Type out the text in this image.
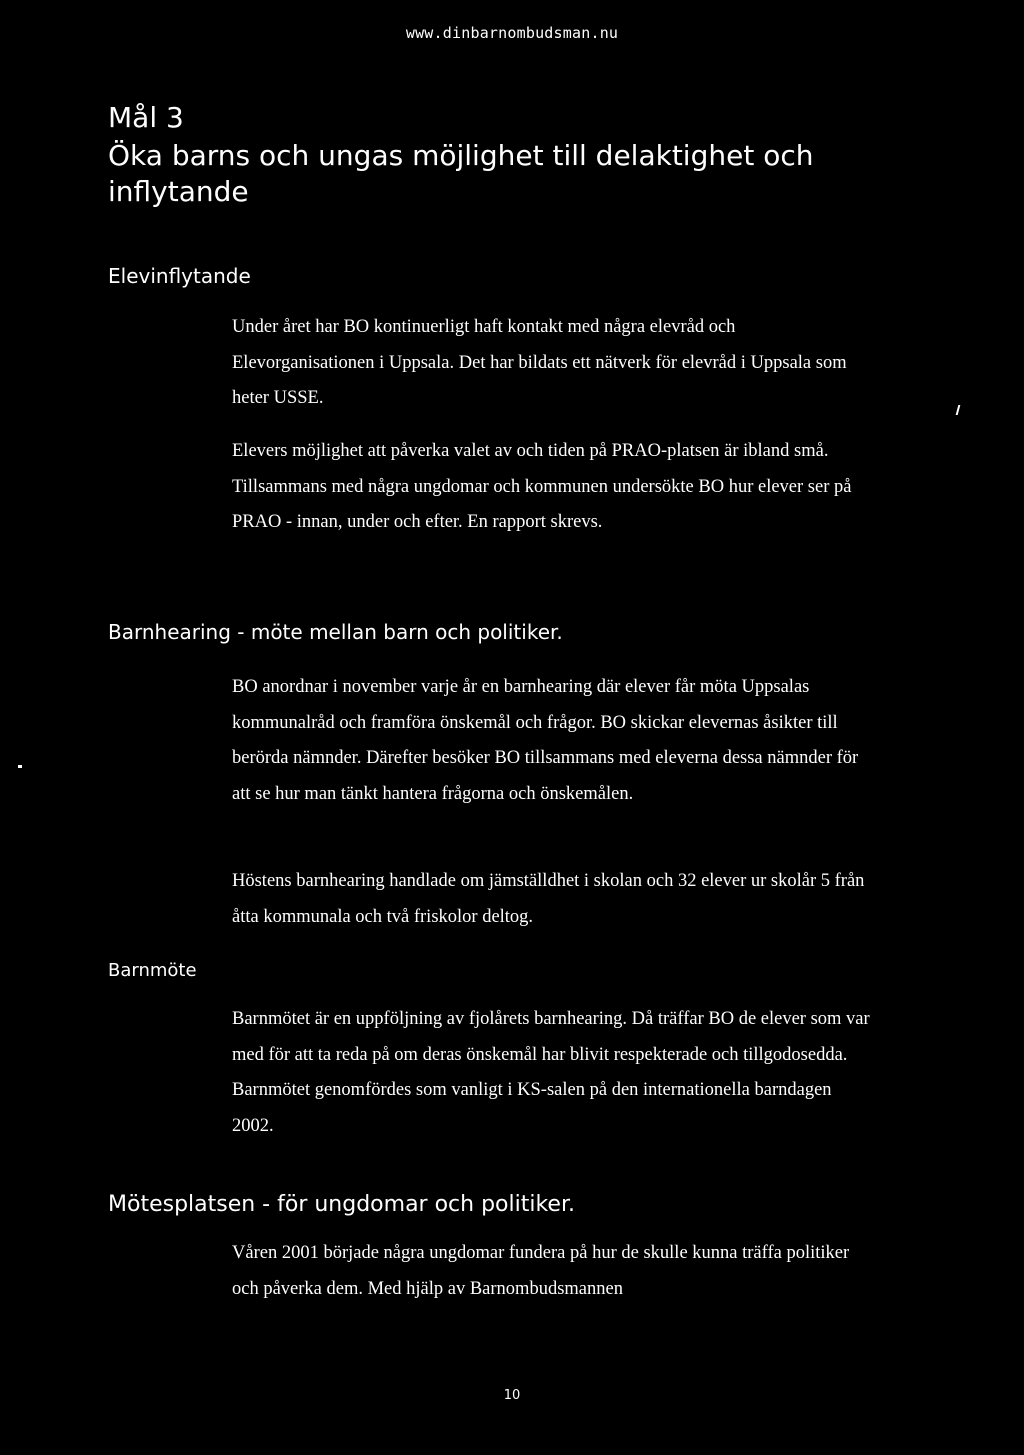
www.dinbarnombudsman.nu
Mål 3
Öka barns och ungas möjlighet till delaktighet och inflytande
Elevinflytande

Under året har BO kontinuerligt haft kontakt med några elevråd och Elevorganisationen i Uppsala. Det har bildats ett nätverk för elevråd i Uppsala som heter USSE.

Elevers möjlighet att påverka valet av och tiden på PRAO-platsen är ibland små. Tillsammans med några ungdomar och kommunen undersökte BO hur elever ser på PRAO - innan, under och efter. En rapport skrevs.

Barnhearing - möte mellan barn och politiker.

BO anordnar i november varje år en barnhearing där elever får möta Uppsalas kommunalråd och framföra önskemål och frågor. BO skickar elevernas åsikter till berörda nämnder. Därefter besöker BO tillsammans med eleverna dessa nämnder för att se hur man tänkt hantera frågorna och önskemålen.

Höstens barnhearing handlade om jämställdhet i skolan och 32 elever ur skolår 5 från åtta kommunala och två friskolor deltog.

Barnmöte

Barnmötet är en uppföljning av fjolårets barnhearing. Då träffar BO de elever som var med för att ta reda på om deras önskemål har blivit respekterade och tillgodosedda. Barnmötet genomfördes som vanligt i KS-salen på den internationella barndagen 2002.

Mötesplatsen - för ungdomar och politiker.

Våren 2001 började några ungdomar fundera på hur de skulle kunna träffa politiker och påverka dem. Med hjälp av Barnombudsmannen

10
